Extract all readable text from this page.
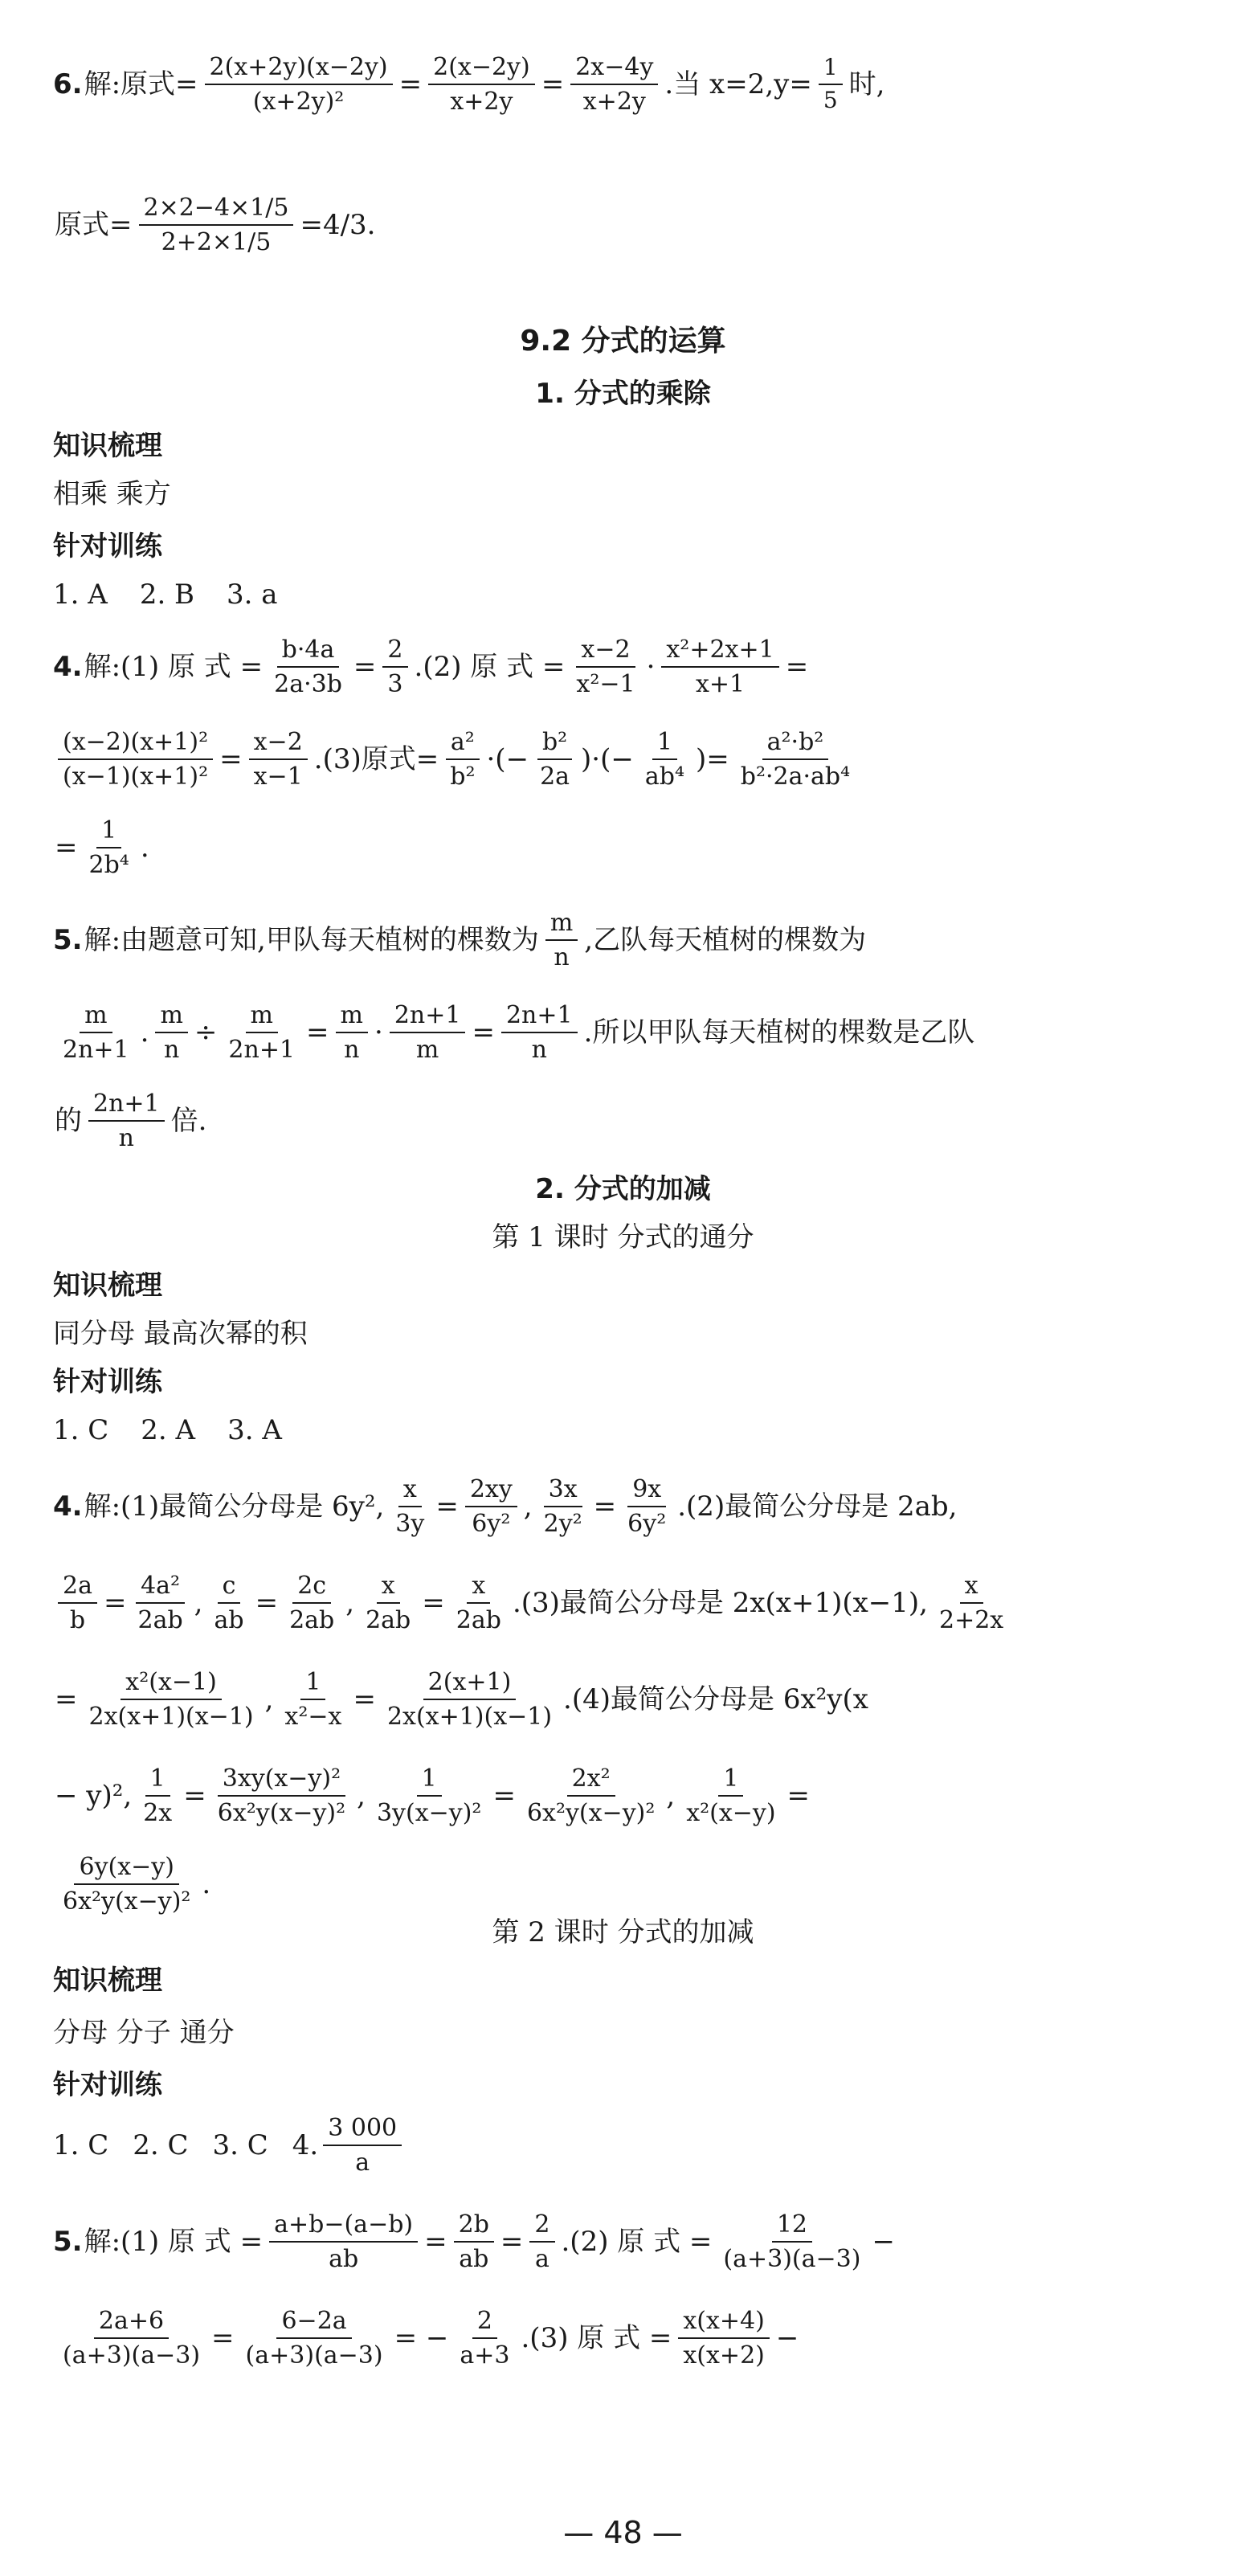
6. 解:原式= $\frac{2(x+2y)(x-2y)}{\text{(x+2y)²}} = \frac{2(x-2y)}{x+2y} = \frac{2x-4y}{x+2y}$ .当 $x=2,y= \frac{1}{5}$ 时,
原式= $\frac{2\times 2-4\times 1/5}{2+2\times 1/5} =4/3$.
9.2 分式的运算
1. 分式的乘除
知识梳理
相乘 乘方
针对训练
1. A 2. B 3. a
4. 解:(1) 原 式 = $\frac{b\cdot 4a}{2a\cdot 3b} = \frac{2}{3} .(2)$ 原 式 = $\frac{x-2}{\text{x²−1}} \cdot \frac{\text{x²+2x+1}}{x+1}$ =
$\frac{\text{(x−2)(x+1)²}}{\text{(x−1)(x+1)²}} = \frac{x-2}{x-1} .(3)$原式= $\frac{\text{a²}}{\text{b²}}$ ·(− $\frac{\text{b²}}{2a}$ )·(− $\frac{1}{\text{ab⁴}}$ )= $\frac{\text{a²·b²}}{\text{b²·2a·ab⁴}}$
= $\frac{1}{\text{2b⁴}}$ .
5. 解:由题意可知,甲队每天植树的棵数为 $\frac{m}{n}$ ,乙队每天植树的棵数为
$\frac{m}{2n+1}$ . $\frac{m}{n} \div \frac{m}{2n+1} = \frac{m}{n} \cdot \frac{2n+1}{m} = \frac{2n+1}{n}$ .所以甲队每天植树的棵数是乙队
的 $\frac{2n+1}{n}$ 倍.
2. 分式的加减
第 1 课时 分式的通分
知识梳理
同分母 最高次幂的积
针对训练
1. C 2. A 3. A
4. 解:(1)最简公分母是 6y², $\frac{x}{3y} = \frac{2xy}{\text{6y²}}$ , $\frac{3x}{\text{2y²}} = \frac{9x}{\text{6y²}} .(2)$最简公分母是 2ab,
$\frac{2a}{b} = \frac{\text{4a²}}{2ab}$ , $\frac{c}{ab} = \frac{2c}{2ab}$ , $\frac{x}{2ab} = \frac{x}{2ab} .(3)$最简公分母是 2x(x+1)(x−1), $\frac{x}{2+2x}$
= $\frac{\text{x²(x−1)}}{2x(x+1)(x-1)}$ , $\frac{1}{\text{x²−x}} = \frac{2(x+1)}{2x(x+1)(x-1)} .(4)$最简公分母是 6x²y(x
− y)², $\frac{1}{2x} = \frac{\text{3xy(x−y)²}}{\text{6x²y(x−y)²}}$ , $\frac{1}{\text{3y(x−y)²}} = \frac{\text{2x²}}{\text{6x²y(x−y)²}}$ , $\frac{1}{\text{x²(x−y)}}$ =
$\frac{6y(x-y)}{\text{6x²y(x−y)²}}$ .
第 2 课时 分式的加减
知识梳理
分母 分子 通分
针对训练
1. C 2. C 3. C 4. $\frac{3 000}{a}$
5. 解:(1) 原 式 = $\frac{a+b-(a-b)}{ab} = \frac{2b}{ab} = \frac{2}{a} .(2)$ 原 式 = $\frac{12}{(a+3)(a-3)}$ −
$\frac{2a+6}{(a+3)(a-3)} = \frac{6-2a}{(a+3)(a-3)}$ = − $\frac{2}{a+3} .(3)$ 原 式 = $\frac{x(x+4)}{x(x+2)}$ −
— 48 —
